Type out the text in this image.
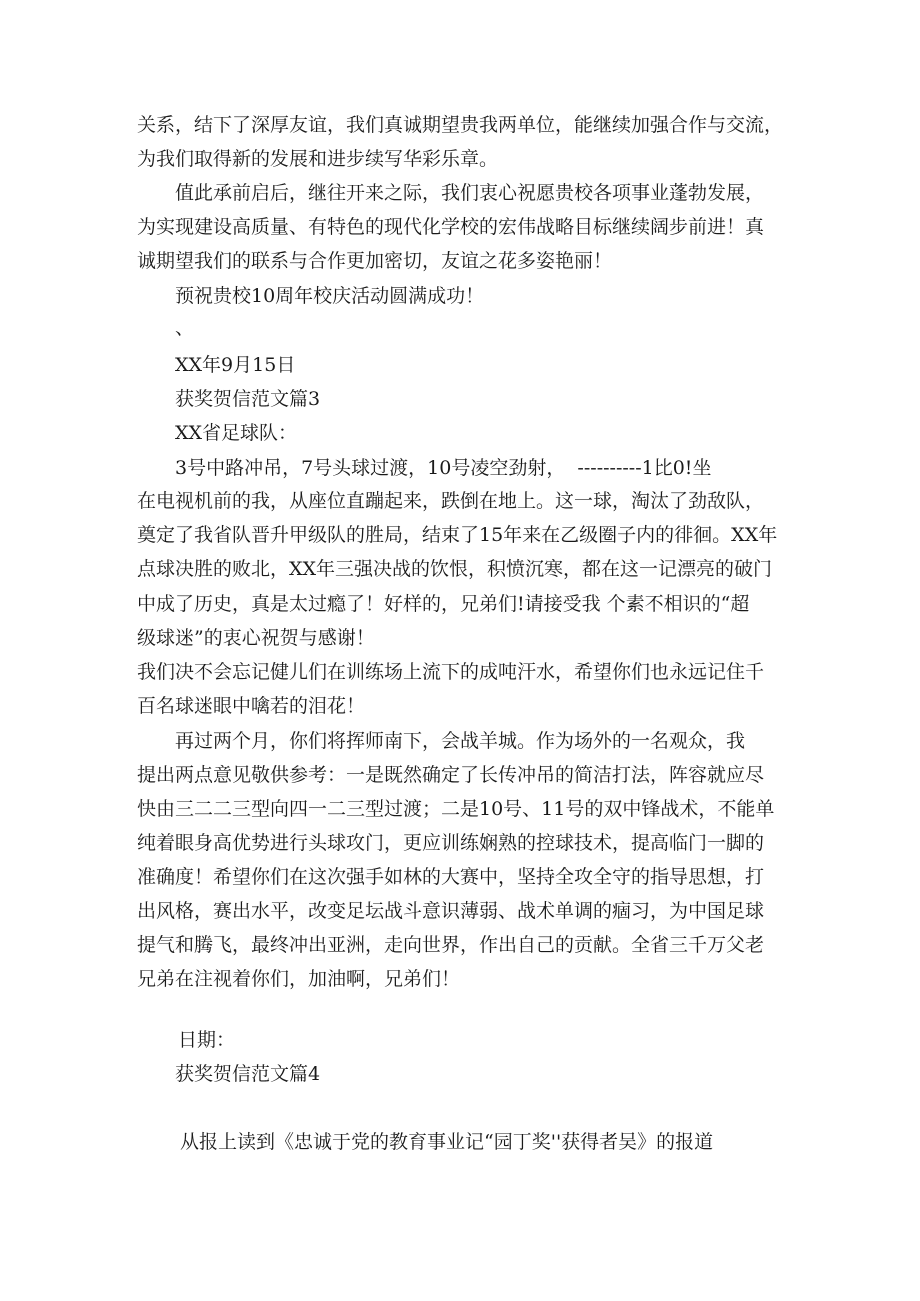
关系，结下了深厚友谊，我们真诚期望贵我两单位，能继续加强合作与交流，
为我们取得新的发展和进步续写华彩乐章。
值此承前启后，继往开来之际，我们衷心祝愿贵校各项事业蓬勃发展，
为实现建设高质量、有特色的现代化学校的宏伟战略目标继续阔步前进！真
诚期望我们的联系与合作更加密切，友谊之花多姿艳丽！
预祝贵校10周年校庆活动圆满成功！
、
XX年9月15日
获奖贺信范文篇3
XX省足球队：
3号中路冲吊，7号头球过渡，10号凌空劲射，  ----------1比0!坐
在电视机前的我，从座位直蹦起来，跌倒在地上。这一球，淘汰了劲敌队，
奠定了我省队晋升甲级队的胜局，结束了15年来在乙级圈子内的徘徊。XX年
点球决胜的败北，XX年三强决战的饮恨，积愤沉寒，都在这一记漂亮的破门
中成了历史，真是太过瘾了！好样的，兄弟们!请接受我 个素不相识的“超
级球迷”的衷心祝贺与感谢！
我们决不会忘记健儿们在训练场上流下的成吨汗水，希望你们也永远记住千
百名球迷眼中噙若的泪花！
再过两个月，你们将挥师南下，会战羊城。作为场外的一名观众，我
提出两点意见敬供参考：一是既然确定了长传冲吊的简洁打法，阵容就应尽
快由三二二三型向四一二三型过渡；二是10号、11号的双中锋战术，不能单
纯着眼身高优势进行头球攻门，更应训练娴熟的控球技术，提高临门一脚的
准确度！希望你们在这次强手如林的大赛中，坚持全攻全守的指导思想，打
出风格，赛出水平，改变足坛战斗意识薄弱、战术单调的痼习，为中国足球
提气和腾飞，最终冲出亚洲，走向世界，作出自己的贡献。全省三千万父老
兄弟在注视着你们，加油啊，兄弟们！
日期：
获奖贺信范文篇4
从报上读到《忠诚于党的教育事业记“园丁奖''获得者吴》的报道
